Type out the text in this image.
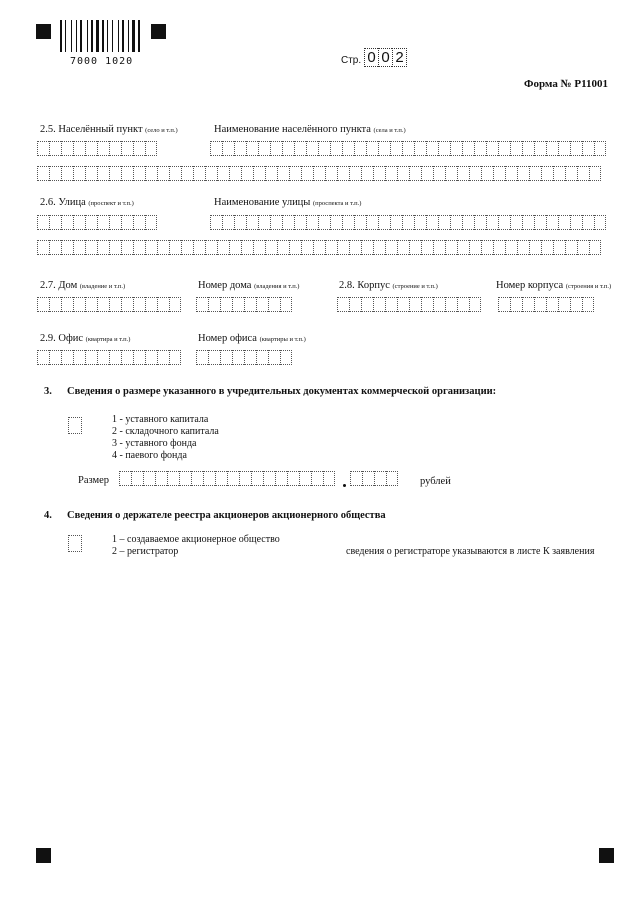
7000 1020	Стр. 0 0 2
Форма № Р11001
2.5. Населённый пункт (село и т.п.)	Наименование населённого пункта (села и т.п.)
2.6. Улица (проспект и т.п.)	Наименование улицы (проспекта и т.п.)
2.7. Дом (владение и т.п.)	Номер дома (владения и т.п.)	2.8. Корпус (строение и т.п.)	Номер корпуса (строения и т.п.)
2.9. Офис (квартира и т.п.)	Номер офиса (квартиры и т.п.)
3. Сведения о размере указанного в учредительных документах коммерческой организации:
1 - уставного капитала
2 - складочного капитала
3 - уставного фонда
4 - паевого фонда
Размер	рублей
4. Сведения о держателе реестра акционеров акционерного общества
1 – создаваемое акционерное общество
2 – регистратор	сведения о регистраторе указываются в листе К заявления
